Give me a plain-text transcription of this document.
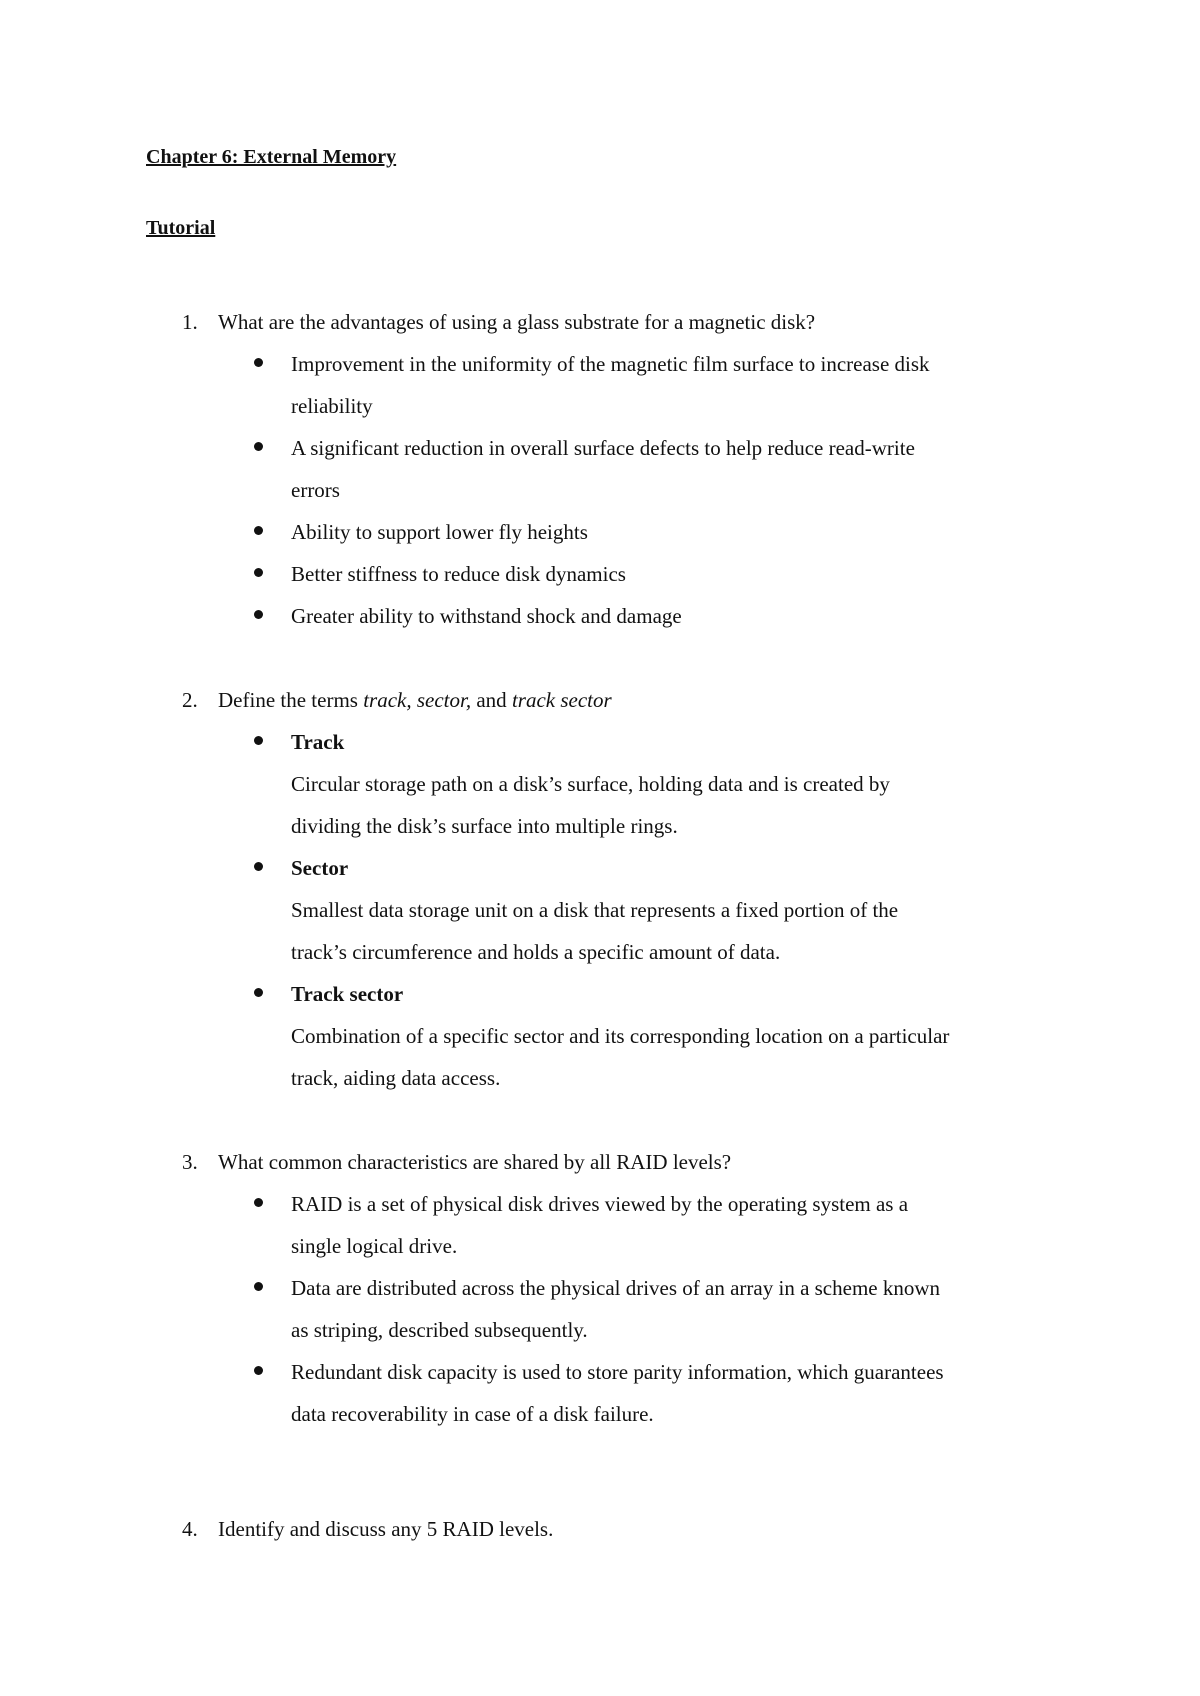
Chapter 6: External Memory
Tutorial
1. What are the advantages of using a glass substrate for a magnetic disk?
Improvement in the uniformity of the magnetic film surface to increase disk
reliability
A significant reduction in overall surface defects to help reduce read-write
errors
Ability to support lower fly heights
Better stiffness to reduce disk dynamics
Greater ability to withstand shock and damage
2. Define the terms track, sector, and track sector
Track
Circular storage path on a disk’s surface, holding data and is created by
dividing the disk’s surface into multiple rings.
Sector
Smallest data storage unit on a disk that represents a fixed portion of the
track’s circumference and holds a specific amount of data.
Track sector
Combination of a specific sector and its corresponding location on a particular
track, aiding data access.
3. What common characteristics are shared by all RAID levels?
RAID is a set of physical disk drives viewed by the operating system as a
single logical drive.
Data are distributed across the physical drives of an array in a scheme known
as striping, described subsequently.
Redundant disk capacity is used to store parity information, which guarantees
data recoverability in case of a disk failure.
4. Identify and discuss any 5 RAID levels.
